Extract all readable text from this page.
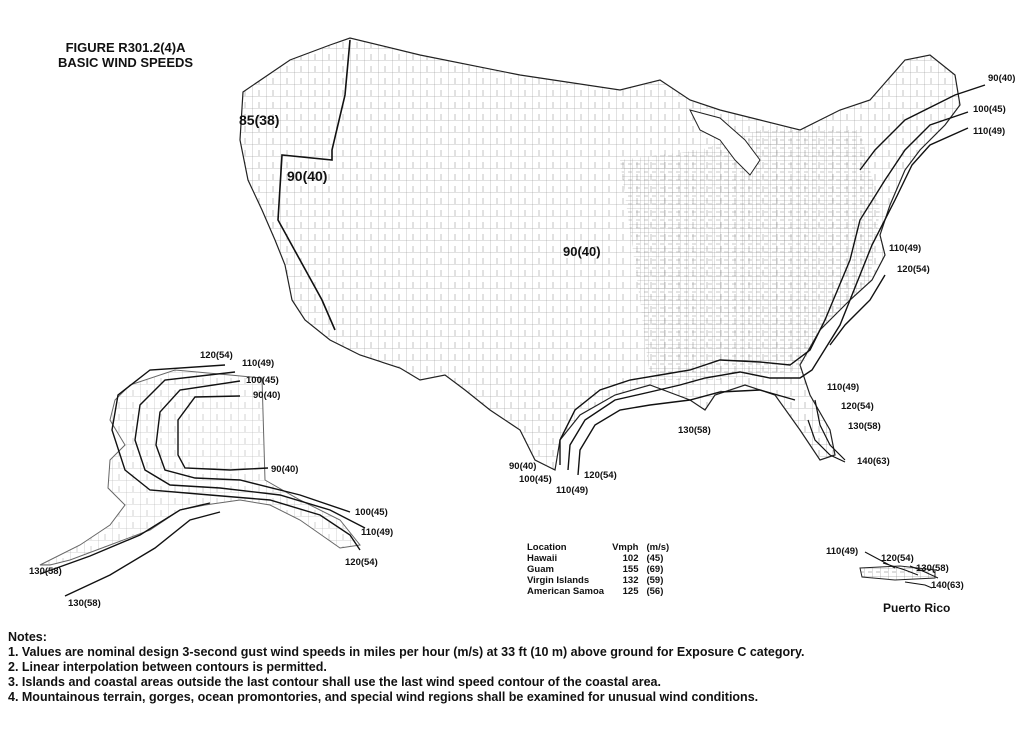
FIGURE R301.2(4)A
BASIC WIND SPEEDS
85(38)
90(40)
90(40)
90(40)
100(45)
110(49)
110(49)
120(54)
110(49)
120(54)
130(58)
140(63)
130(58)
90(40)
100(45)
110(49)
120(54)
120(54)
110(49)
100(45)
90(40)
90(40)
100(45)
110(49)
120(54)
130(58)
130(58)
110(49)
120(54)
130(58)
140(63)
Puerto Rico
Location	Vmph	(m/s)
Hawaii	102	(45)
Guam	155	(69)
Virgin Islands	132	(59)
American Samoa	125	(56)
Notes:
1. Values are nominal design 3-second gust wind speeds in miles per hour (m/s) at 33 ft (10 m) above ground for Exposure C category.
2. Linear interpolation between contours is permitted.
3. Islands and coastal areas outside the last contour shall use the last wind speed contour of the coastal area.
4. Mountainous terrain, gorges, ocean promontories, and special wind regions shall be examined for unusual wind conditions.
